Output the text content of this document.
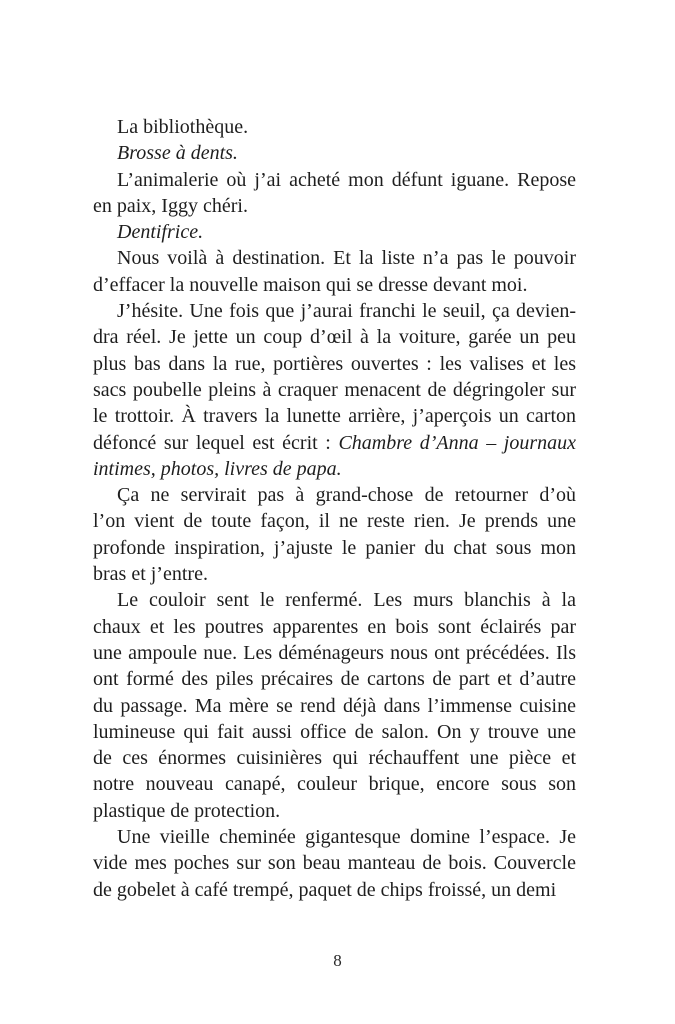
La bibliothèque.
Brosse à dents.
L’animalerie où j’ai acheté mon défunt iguane. Repose
en paix, Iggy chéri.
Dentifrice.
Nous voilà à destination. Et la liste n’a pas le pouvoir
d’effacer la nouvelle maison qui se dresse devant moi.
J’hésite. Une fois que j’aurai franchi le seuil, ça devien-
dra réel. Je jette un coup d’œil à la voiture, garée un peu
plus bas dans la rue, portières ouvertes : les valises et les
sacs poubelle pleins à craquer menacent de dégringoler sur
le trottoir. À travers la lunette arrière, j’aperçois un carton
défoncé sur lequel est écrit : Chambre d’Anna – journaux
intimes, photos, livres de papa.
Ça ne servirait pas à grand-chose de retourner d’où
l’on vient de toute façon, il ne reste rien. Je prends une
profonde inspiration, j’ajuste le panier du chat sous mon
bras et j’entre.
Le couloir sent le renfermé. Les murs blanchis à la
chaux et les poutres apparentes en bois sont éclairés par
une ampoule nue. Les déménageurs nous ont précédées. Ils
ont formé des piles précaires de cartons de part et d’autre
du passage. Ma mère se rend déjà dans l’immense cuisine
lumineuse qui fait aussi office de salon. On y trouve une
de ces énormes cuisinières qui réchauffent une pièce et
notre nouveau canapé, couleur brique, encore sous son
plastique de protection.
Une vieille cheminée gigantesque domine l’espace. Je
vide mes poches sur son beau manteau de bois. Couvercle
de gobelet à café trempé, paquet de chips froissé, un demi
8
